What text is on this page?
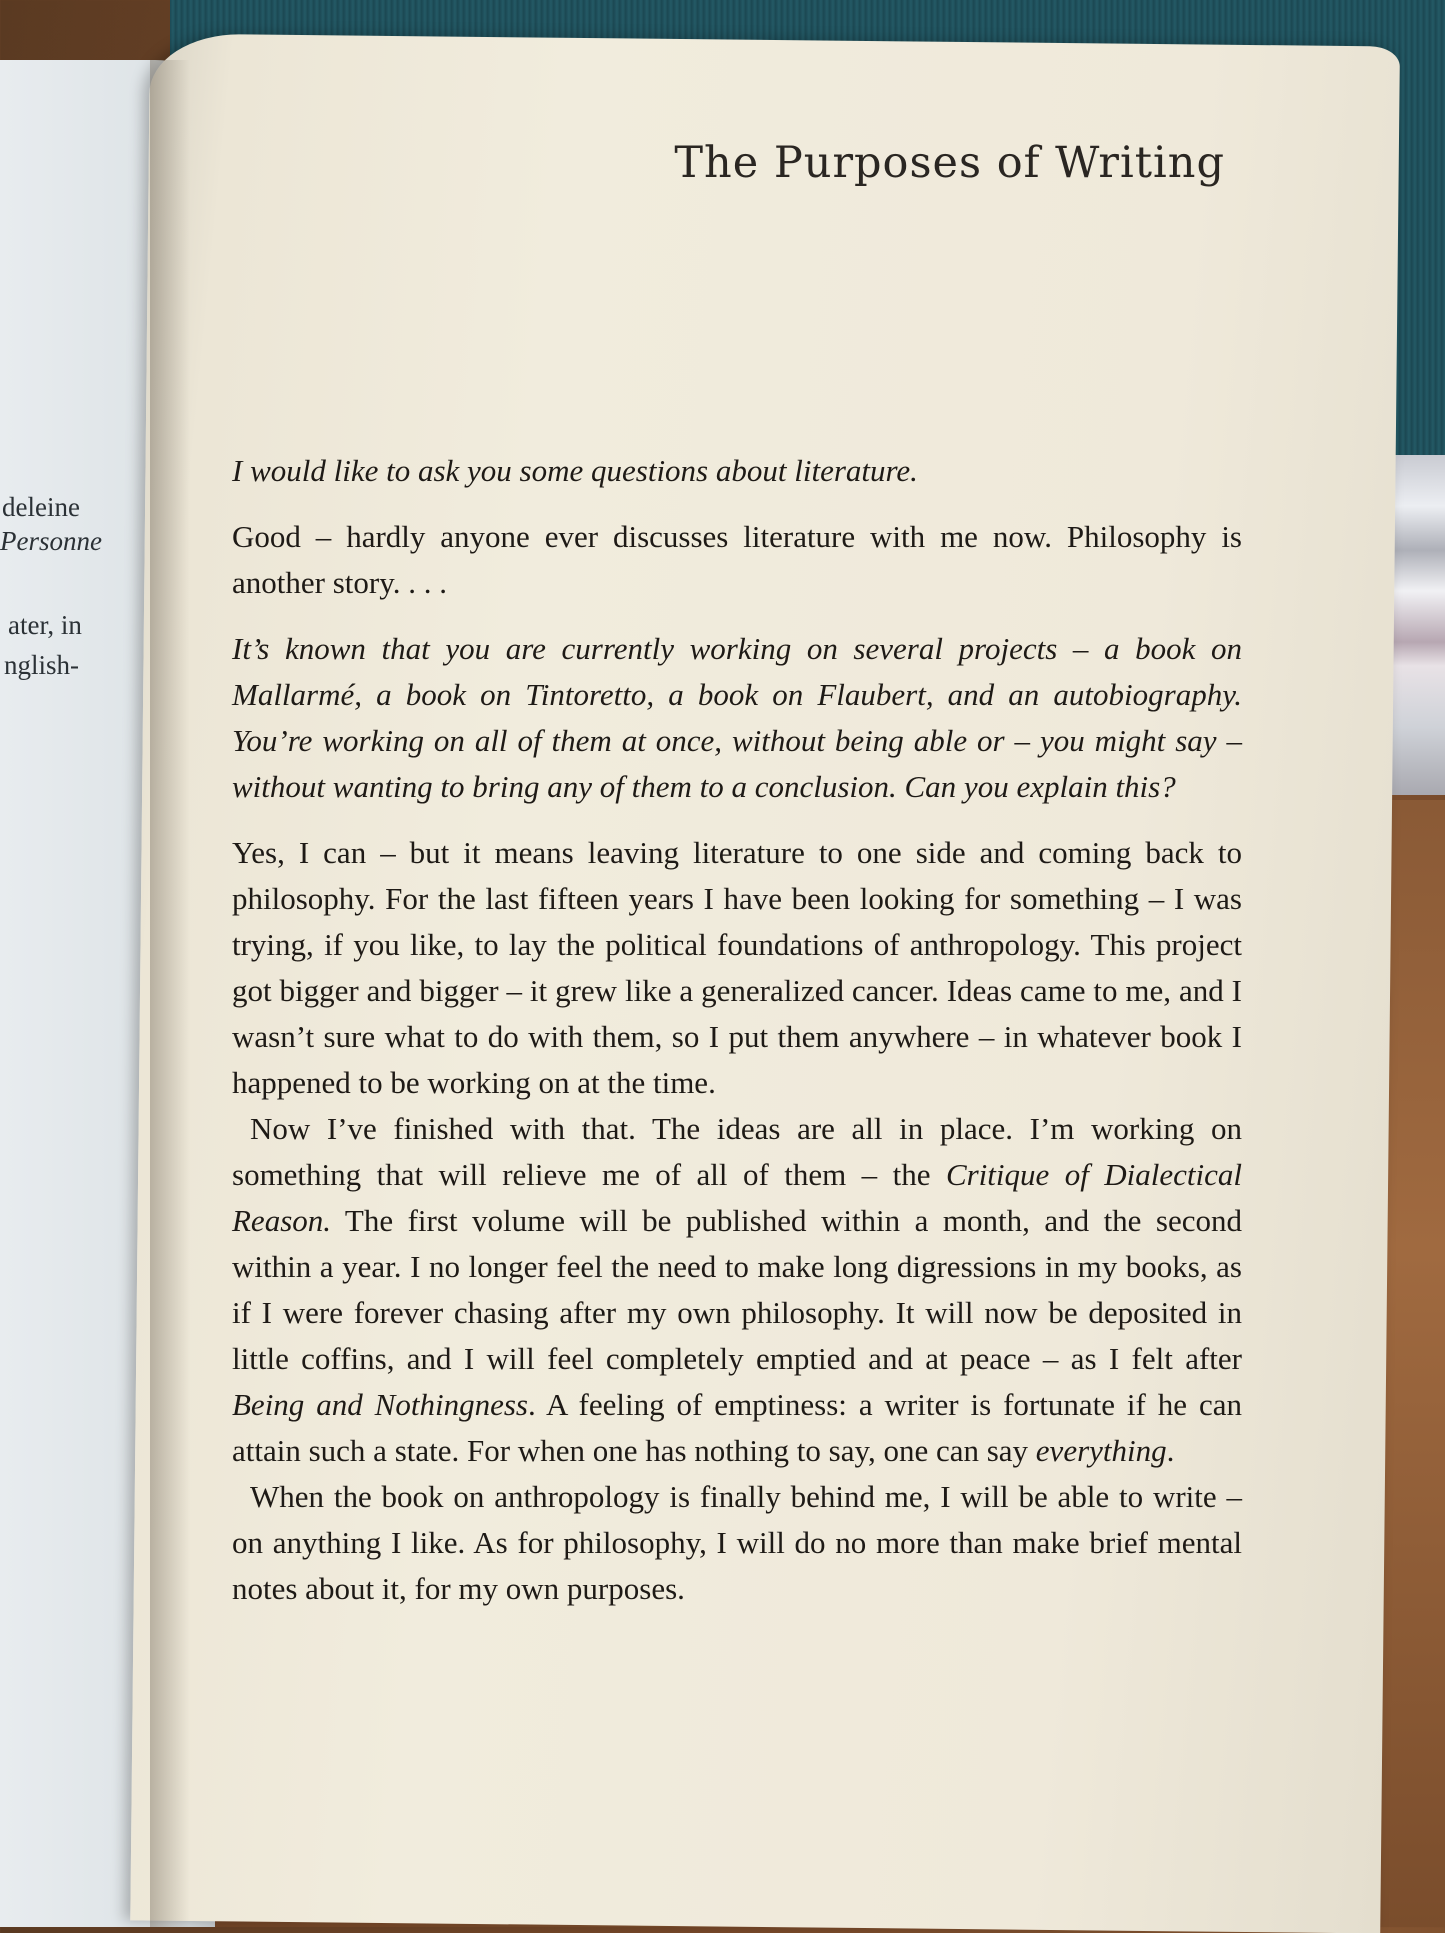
deleine
Personne
ater, in
nglish-
The Purposes of Writing

I would like to ask you some questions about literature.

Good – hardly anyone ever discusses literature with me now. Philosophy is another story. . . .

It’s known that you are currently working on several projects – a book on Mallarmé, a book on Tintoretto, a book on Flaubert, and an autobiography. You’re working on all of them at once, without being able or – you might say – without wanting to bring any of them to a conclusion. Can you explain this?

Yes, I can – but it means leaving literature to one side and coming back to philosophy. For the last fifteen years I have been looking for something – I was trying, if you like, to lay the political foundations of anthropology. This project got bigger and bigger – it grew like a generalized cancer. Ideas came to me, and I wasn’t sure what to do with them, so I put them anywhere – in whatever book I happened to be working on at the time.

Now I’ve finished with that. The ideas are all in place. I’m working on something that will relieve me of all of them – the Critique of Dialectical Reason. The first volume will be published within a month, and the second within a year. I no longer feel the need to make long digressions in my books, as if I were forever chasing after my own philosophy. It will now be deposited in little coffins, and I will feel completely emptied and at peace – as I felt after Being and Nothingness. A feeling of emptiness: a writer is fortunate if he can attain such a state. For when one has nothing to say, one can say everything.

When the book on anthropology is finally behind me, I will be able to write – on anything I like. As for philosophy, I will do no more than make brief mental notes about it, for my own purposes.
